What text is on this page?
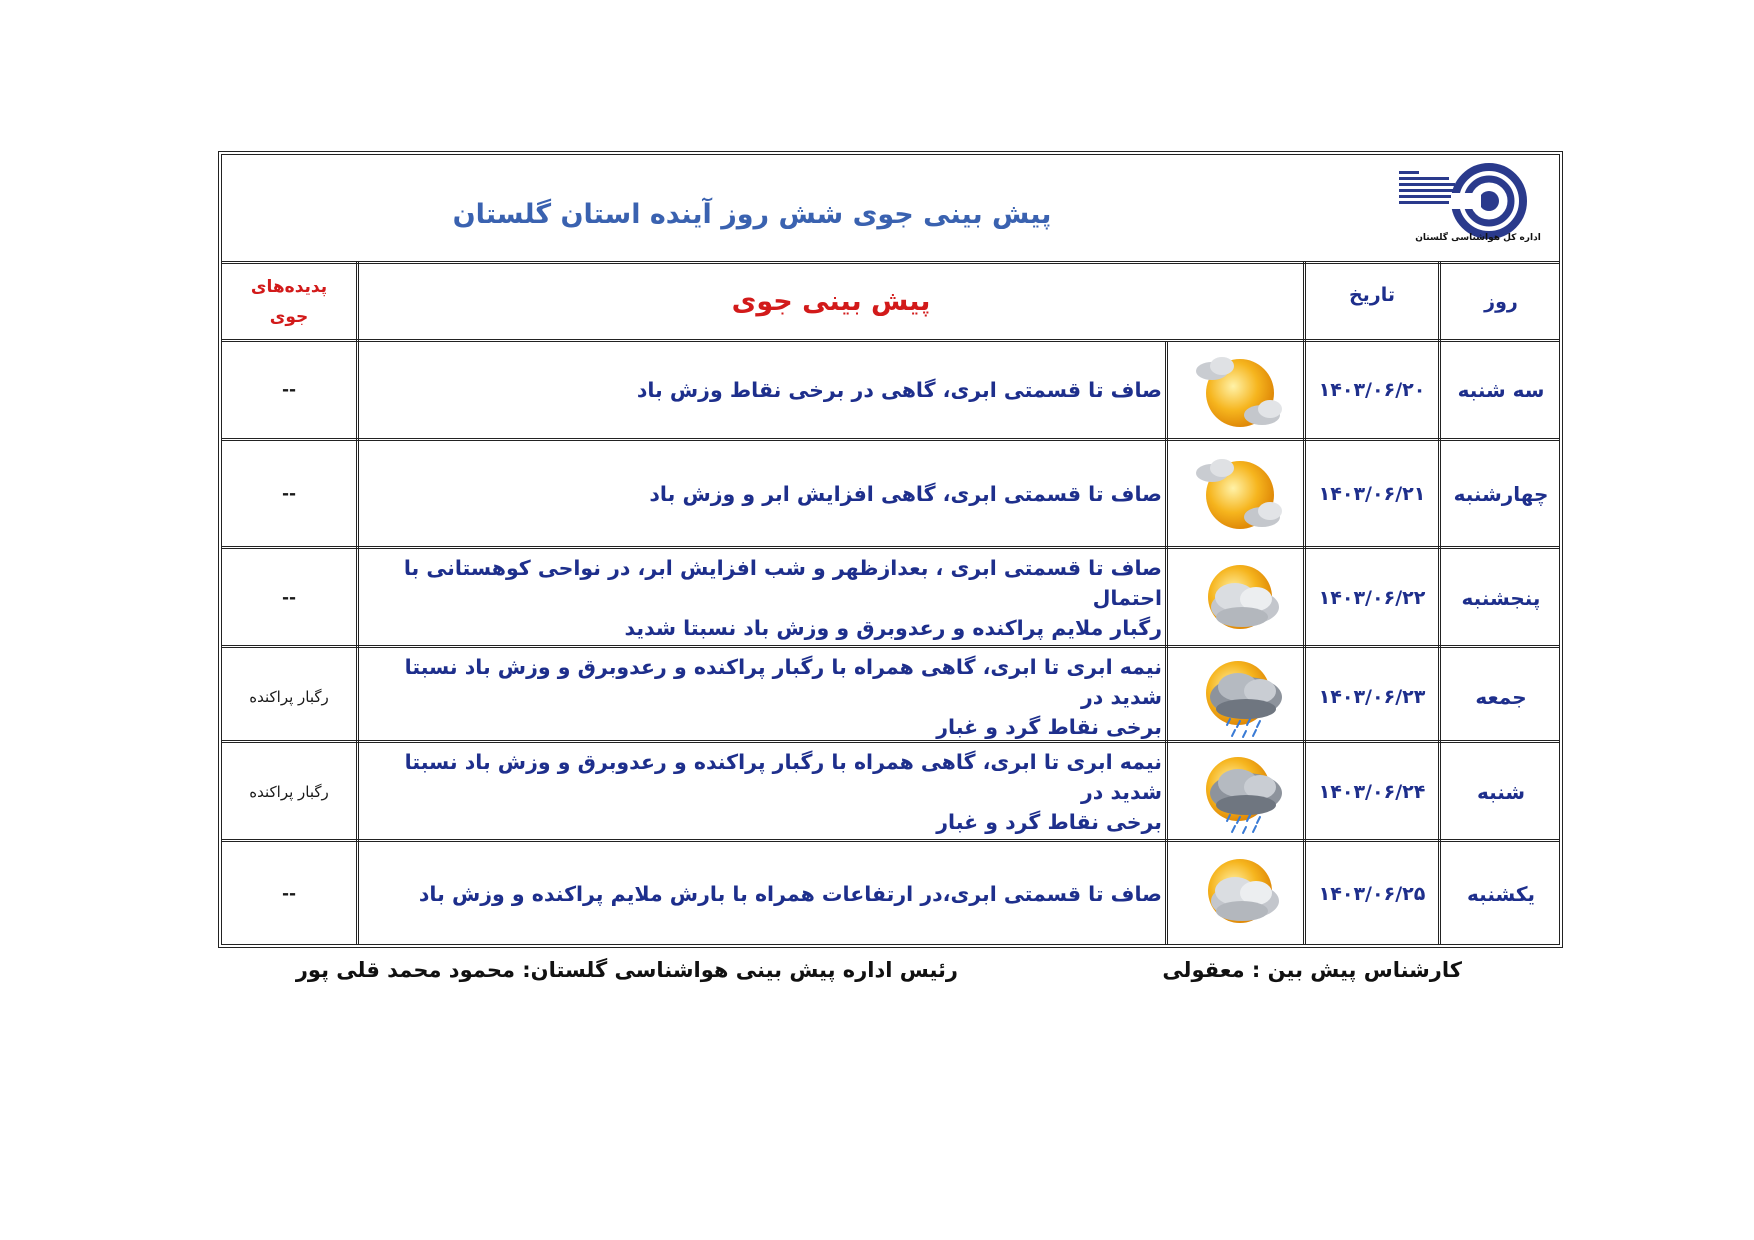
پیش بینی جوی شش روز آینده استان گلستان
اداره کل هواشناسی گلستان
روز
تاریخ
پیش بینی جوی
پدیده‌های
جوی
سه شنبه
۱۴۰۳/۰۶/۲۰
صاف تا قسمتی ابری، گاهی در برخی نقاط وزش باد

--
چهارشنبه
۱۴۰۳/۰۶/۲۱
صاف تا قسمتی ابری، گاهی افزایش ابر و وزش باد

--
پنجشنبه
۱۴۰۳/۰۶/۲۲
صاف تا قسمتی ابری ، بعدازظهر و شب افزایش ابر، در نواحی کوهستانی با احتمال
رگبار ملایم پراکنده و رعدوبرق و وزش باد نسبتا شدید
--
جمعه
۱۴۰۳/۰۶/۲۳
نیمه ابری تا ابری، گاهی همراه با رگبار پراکنده و رعدوبرق و وزش باد نسبتا شدید در
برخی نقاط گرد و غبار
رگبار پراکنده
شنبه
۱۴۰۳/۰۶/۲۴
نیمه ابری تا ابری، گاهی همراه با رگبار پراکنده و رعدوبرق و وزش باد نسبتا شدید در
برخی نقاط گرد و غبار
رگبار پراکنده
یکشنبه
۱۴۰۳/۰۶/۲۵
صاف تا قسمتی ابری،در ارتفاعات همراه با بارش ملایم پراکنده و وزش باد

--
کارشناس پیش بین : معقولی
رئیس اداره پیش بینی هواشناسی گلستان: محمود محمد قلی پور
